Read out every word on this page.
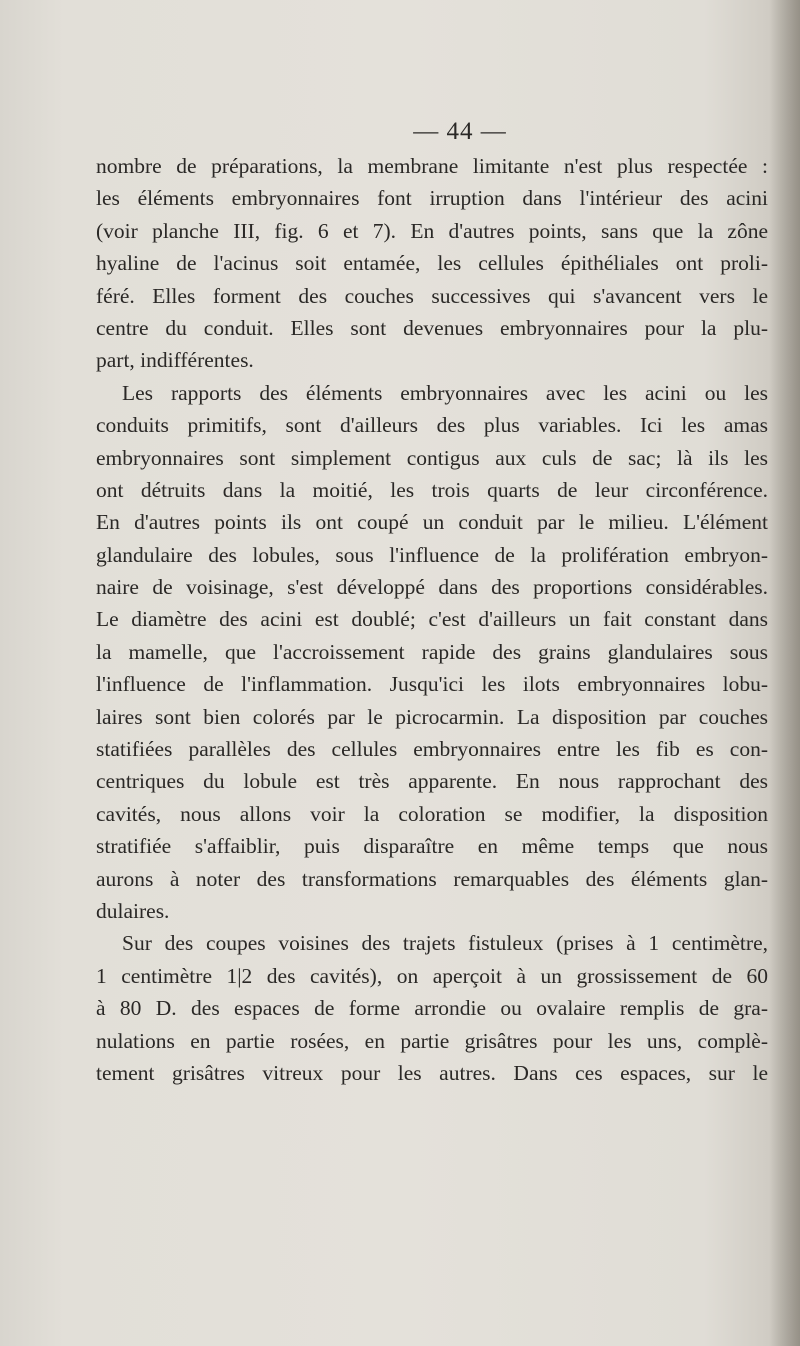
— 44 —
nombre de préparations, la membrane limitante n'est plus respectée :
les éléments embryonnaires font irruption dans l'intérieur des acini
(voir planche III, fig. 6 et 7). En d'autres points, sans que la zône
hyaline de l'acinus soit entamée, les cellules épithéliales ont proli-
féré. Elles forment des couches successives qui s'avancent vers le
centre du conduit. Elles sont devenues embryonnaires pour la plu-
part, indifférentes.
Les rapports des éléments embryonnaires avec les acini ou les
conduits primitifs, sont d'ailleurs des plus variables. Ici les amas
embryonnaires sont simplement contigus aux culs de sac; là ils les
ont détruits dans la moitié, les trois quarts de leur circonférence.
En d'autres points ils ont coupé un conduit par le milieu. L'élément
glandulaire des lobules, sous l'influence de la prolifération embryon-
naire de voisinage, s'est développé dans des proportions considérables.
Le diamètre des acini est doublé; c'est d'ailleurs un fait constant dans
la mamelle, que l'accroissement rapide des grains glandulaires sous
l'influence de l'inflammation. Jusqu'ici les ilots embryonnaires lobu-
laires sont bien colorés par le picrocarmin. La disposition par couches
statifiées parallèles des cellules embryonnaires entre les fib es con-
centriques du lobule est très apparente. En nous rapprochant des
cavités, nous allons voir la coloration se modifier, la disposition
stratifiée s'affaiblir, puis disparaître en même temps que nous
aurons à noter des transformations remarquables des éléments glan-
dulaires.
Sur des coupes voisines des trajets fistuleux (prises à 1 centimètre,
1 centimètre 1|2 des cavités), on aperçoit à un grossissement de 60
à 80 D. des espaces de forme arrondie ou ovalaire remplis de gra-
nulations en partie rosées, en partie grisâtres pour les uns, complè-
tement grisâtres vitreux pour les autres. Dans ces espaces, sur le
